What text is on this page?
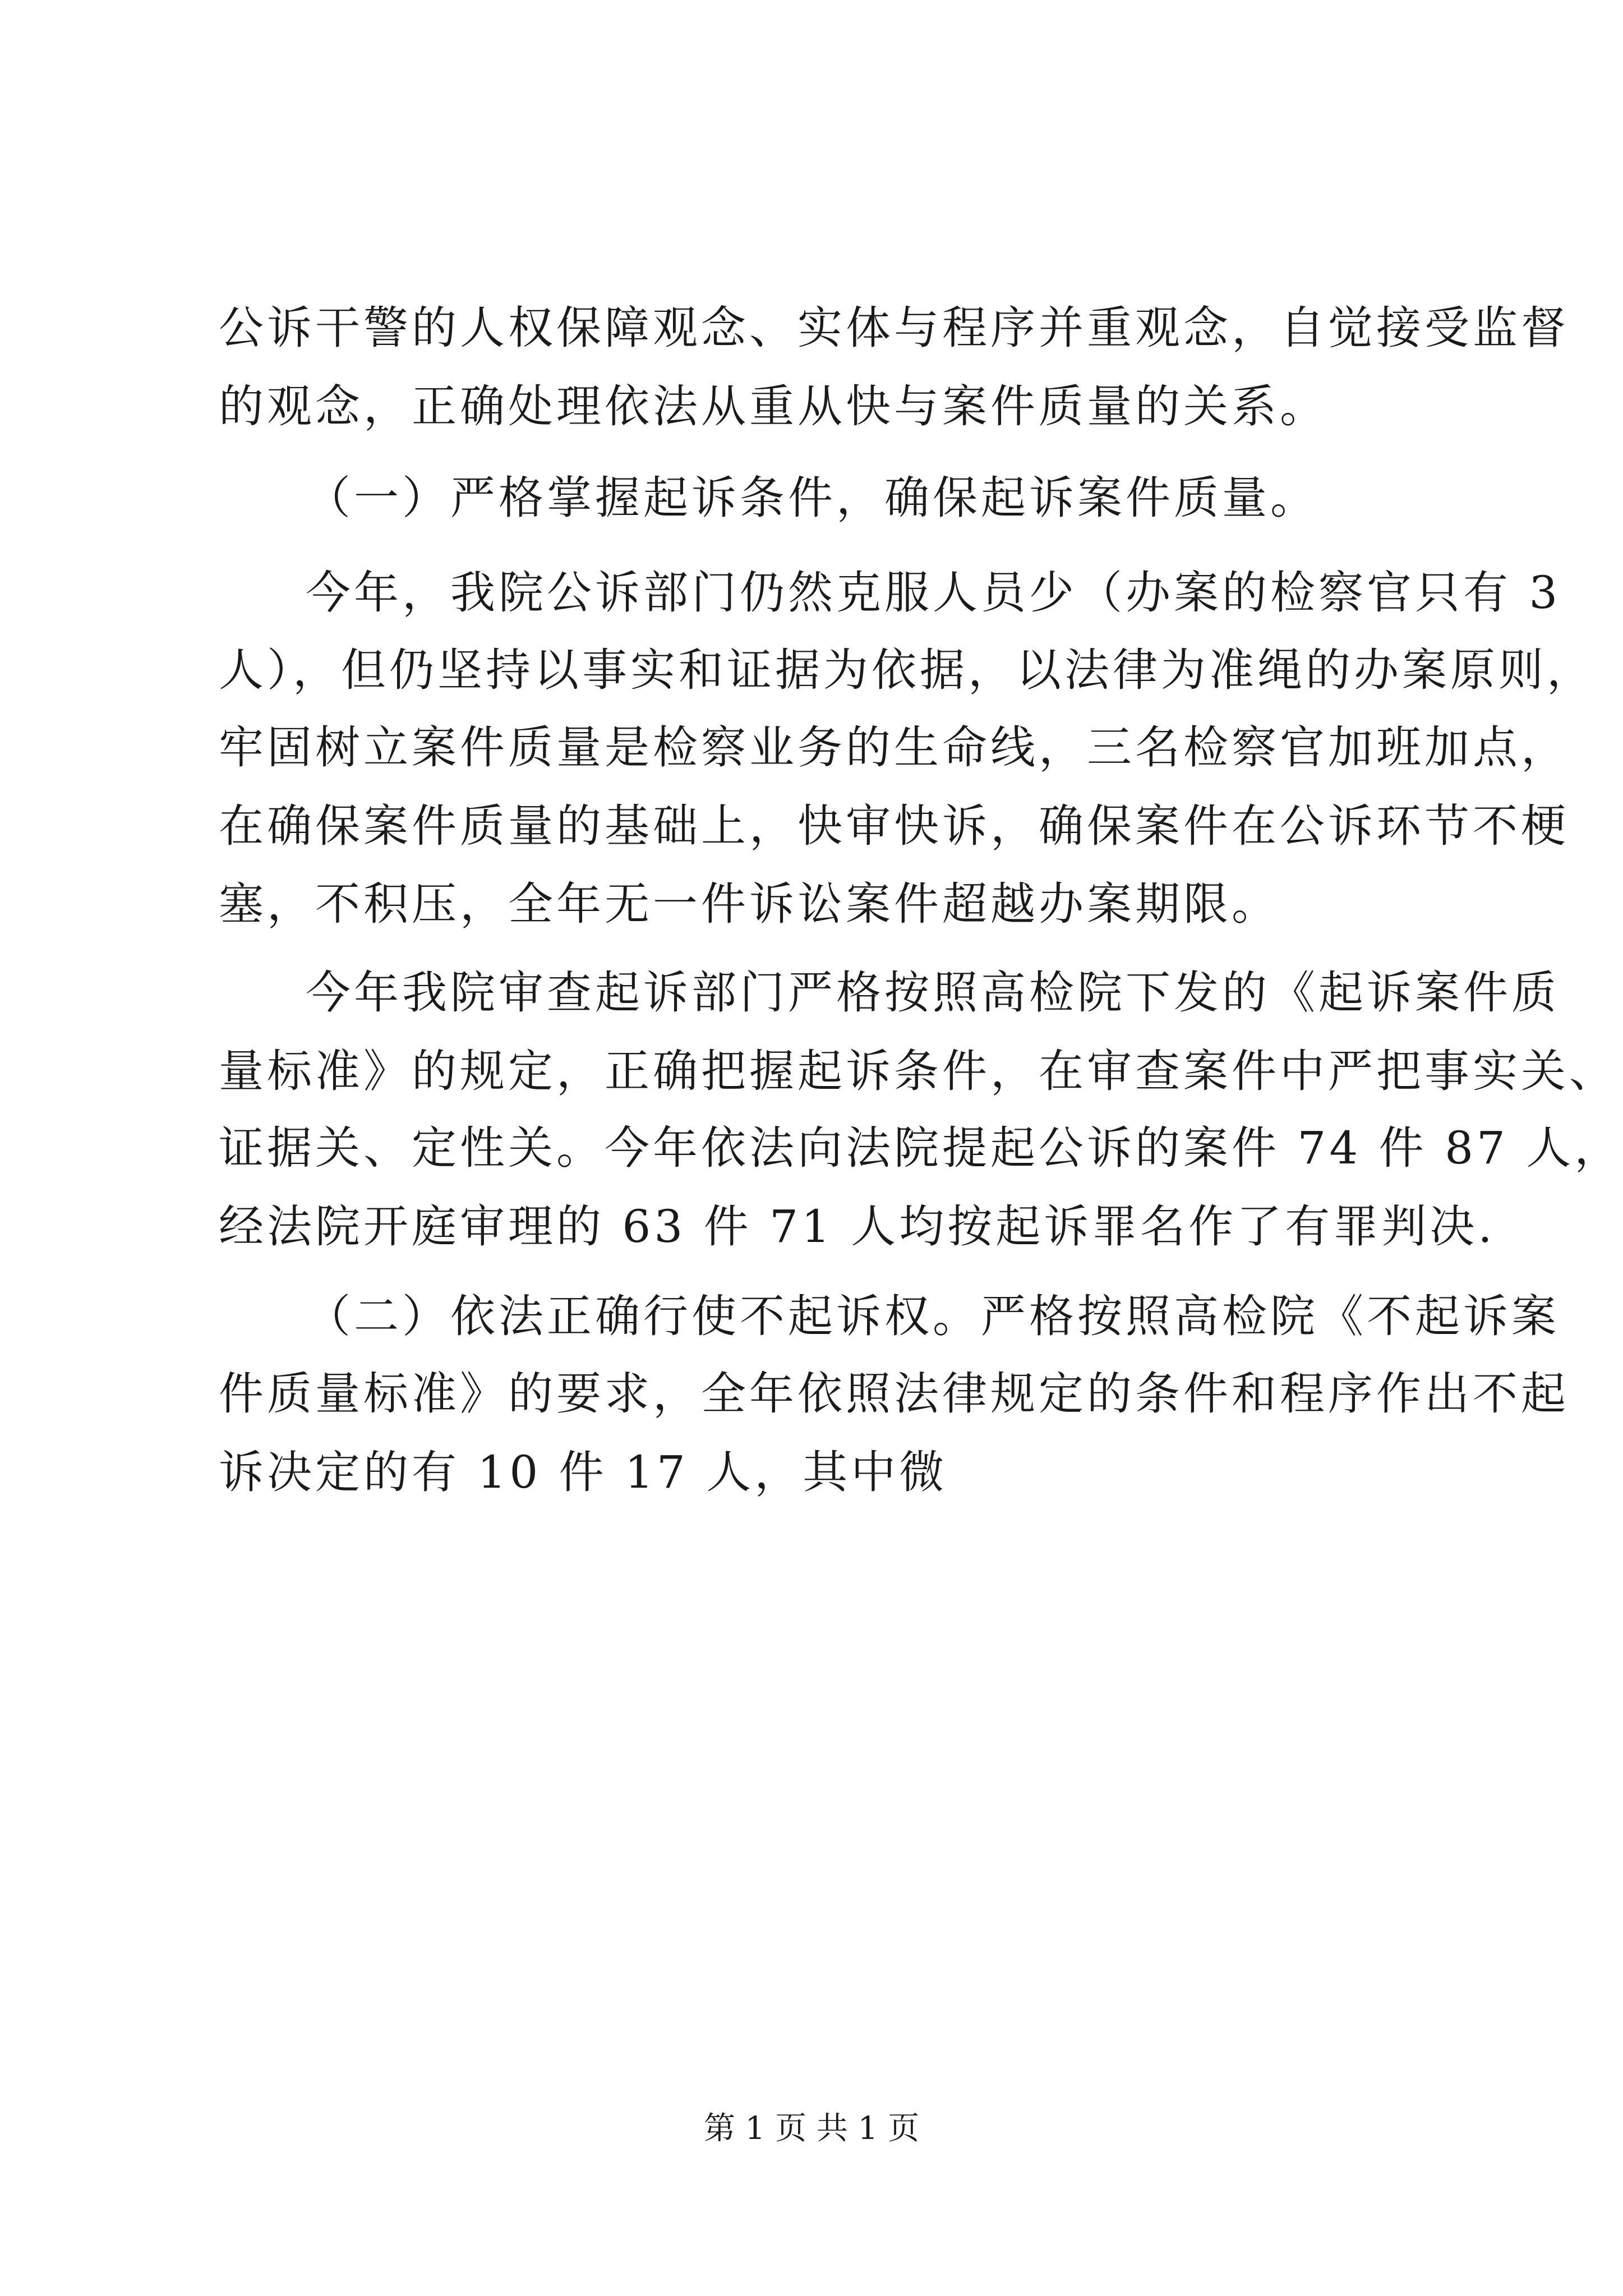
公诉干警的人权保障观念、实体与程序并重观念，自觉接受监督
的观念，正确处理依法从重从快与案件质量的关系。
（一）严格掌握起诉条件，确保起诉案件质量。
今年，我院公诉部门仍然克服人员少（办案的检察官只有 3
人），但仍坚持以事实和证据为依据，以法律为准绳的办案原则，
牢固树立案件质量是检察业务的生命线，三名检察官加班加点，
在确保案件质量的基础上，快审快诉，确保案件在公诉环节不梗
塞，不积压，全年无一件诉讼案件超越办案期限。
今年我院审查起诉部门严格按照高检院下发的《起诉案件质
量标准》的规定，正确把握起诉条件，在审查案件中严把事实关、
证据关、定性关。今年依法向法院提起公诉的案件 74 件 87 人，
经法院开庭审理的 63 件 71 人均按起诉罪名作了有罪判决.
（二）依法正确行使不起诉权。严格按照高检院《不起诉案
件质量标准》的要求，全年依照法律规定的条件和程序作出不起
诉决定的有 10 件 17 人，其中微
第 1 页 共 1 页
